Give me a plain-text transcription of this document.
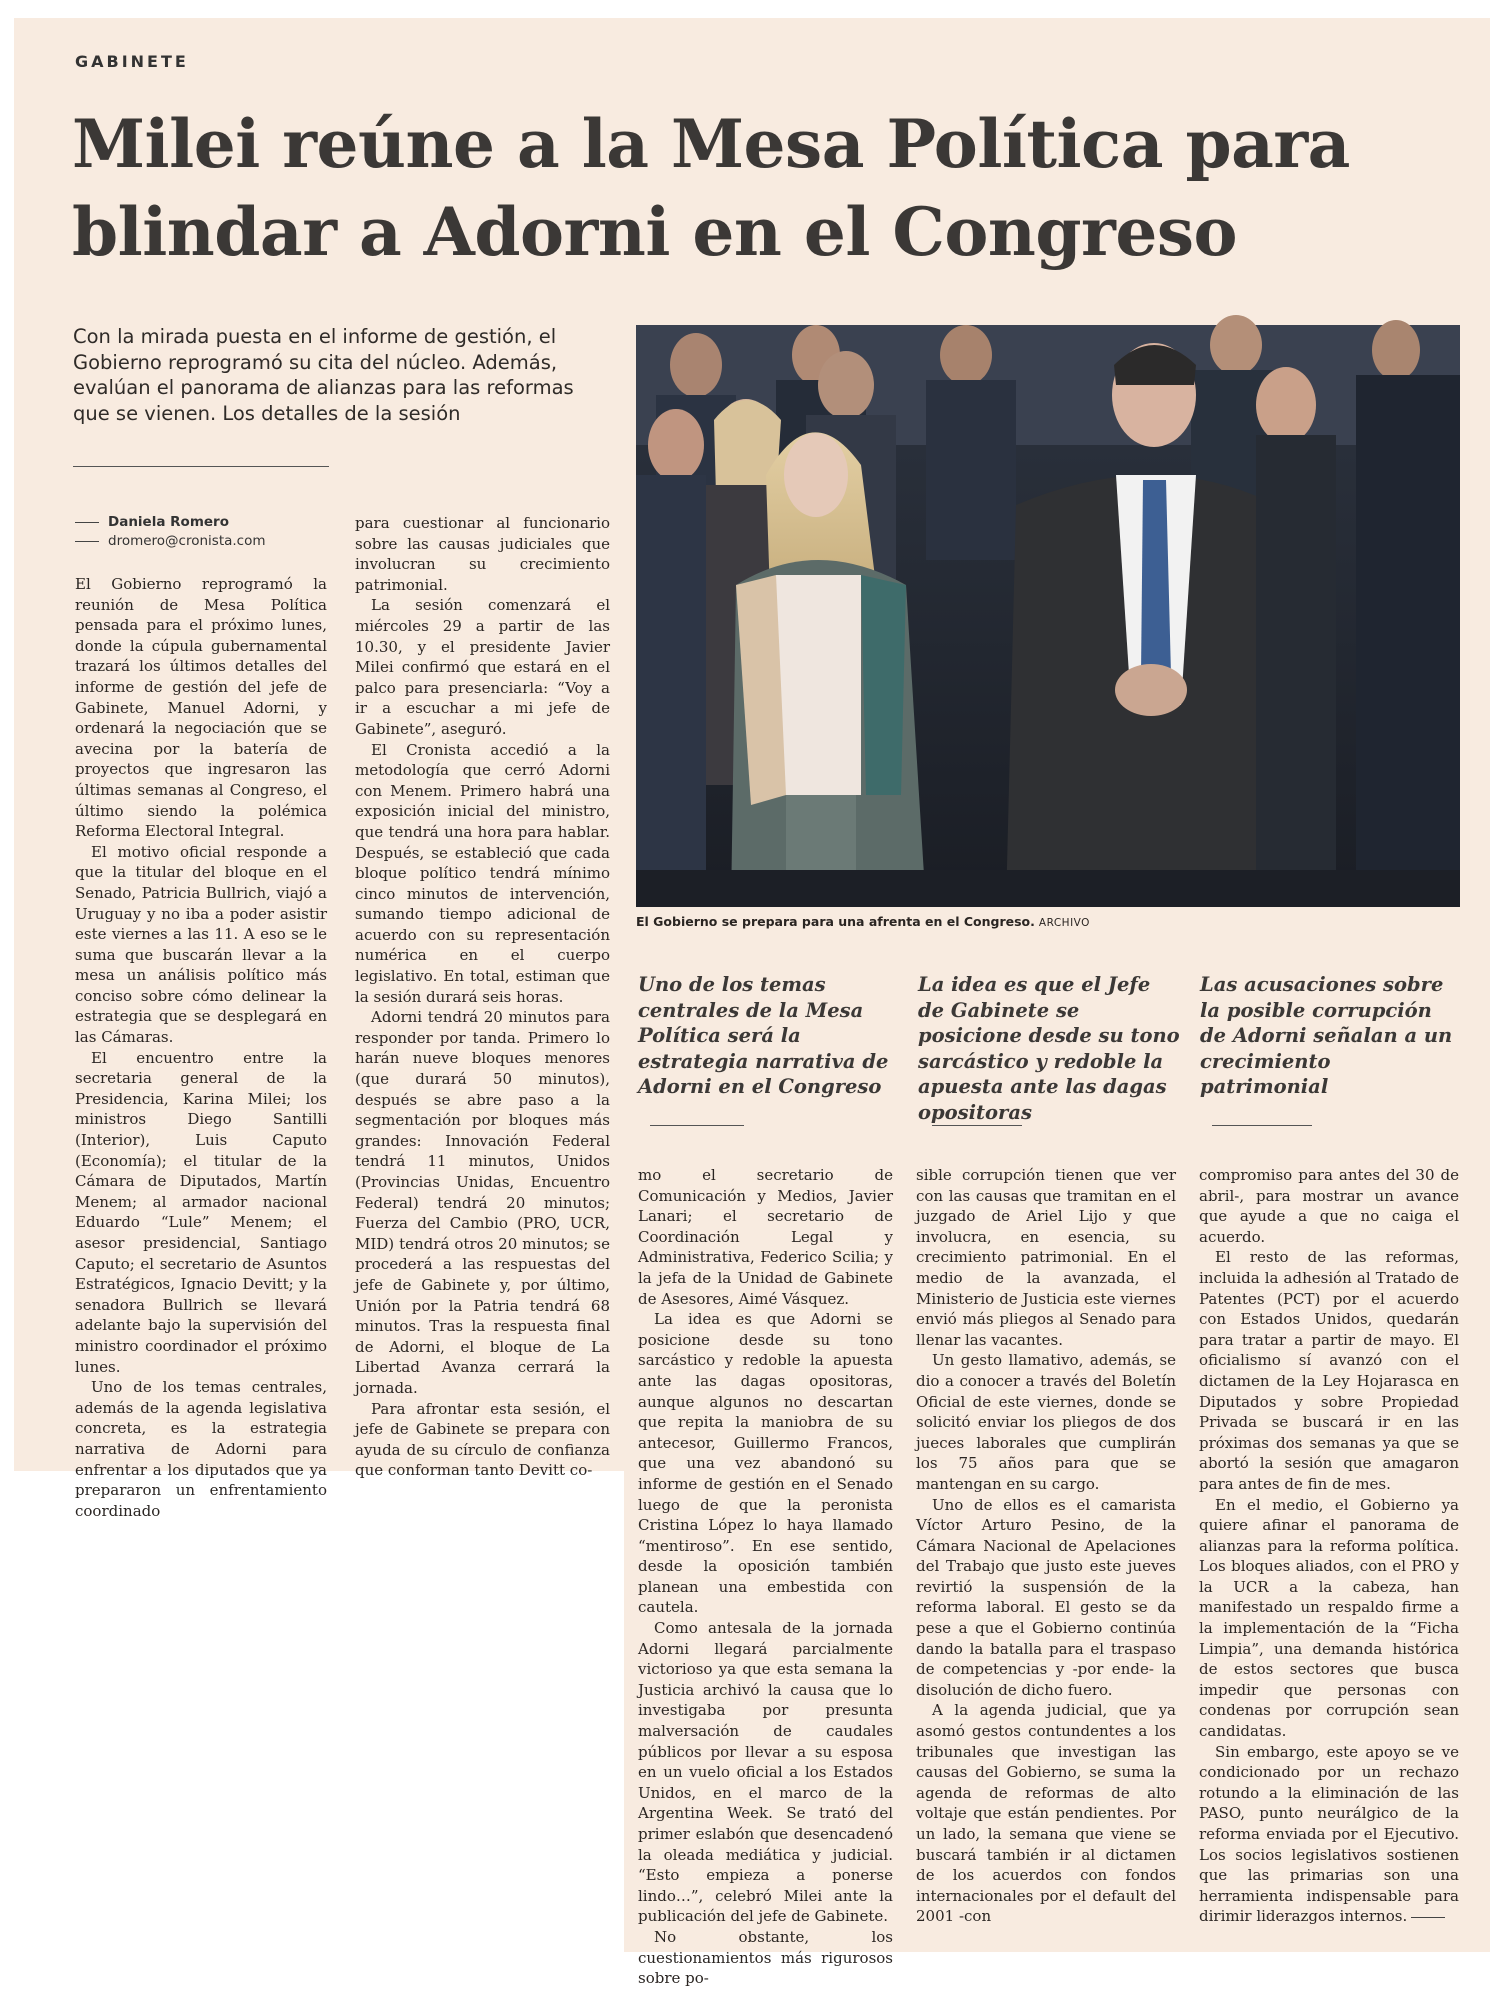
GABINETE
Milei reúne a la Mesa Política para blindar a Adorni en el Congreso
Con la mirada puesta en el informe de gestión, el Gobierno reprogramó su cita del núcleo. Además, evalúan el panorama de alianzas para las reformas que se vienen. Los detalles de la sesión
Daniela Romero
dromero@cronista.com

El Gobierno reprogramó la reunión de Mesa Política pensada para el próximo lunes, donde la cúpula gubernamental trazará los últimos detalles del informe de gestión del jefe de Gabinete, Manuel Adorni, y ordenará la negociación que se avecina por la batería de proyectos que ingresaron las últimas semanas al Congreso, el último siendo la polémica Reforma Electoral Integral.

El motivo oficial responde a que la titular del bloque en el Senado, Patricia Bullrich, viajó a Uruguay y no iba a poder asistir este viernes a las 11. A eso se le suma que buscarán llevar a la mesa un análisis político más conciso sobre cómo delinear la estrategia que se desplegará en las Cámaras.

El encuentro entre la secretaria general de la Presidencia, Karina Milei; los ministros Diego Santilli (Interior), Luis Caputo (Economía); el titular de la Cámara de Diputados, Martín Menem; al armador nacional Eduardo “Lule” Menem; el asesor presidencial, Santiago Caputo; el secretario de Asuntos Estratégicos, Ignacio Devitt; y la senadora Bullrich se llevará adelante bajo la supervisión del ministro coordinador el próximo lunes.

Uno de los temas centrales, además de la agenda legislativa concreta, es la estrategia narrativa de Adorni para enfrentar a los diputados que ya prepararon un enfrentamiento coordinado

para cuestionar al funcionario sobre las causas judiciales que involucran su crecimiento patrimonial.

La sesión comenzará el miércoles 29 a partir de las 10.30, y el presidente Javier Milei confirmó que estará en el palco para presenciarla: “Voy a ir a escuchar a mi jefe de Gabinete”, aseguró.

El Cronista accedió a la metodología que cerró Adorni con Menem. Primero habrá una exposición inicial del ministro, que tendrá una hora para hablar. Después, se estableció que cada bloque político tendrá mínimo cinco minutos de intervención, sumando tiempo adicional de acuerdo con su representación numérica en el cuerpo legislativo. En total, estiman que la sesión durará seis horas.

Adorni tendrá 20 minutos para responder por tanda. Primero lo harán nueve bloques menores (que durará 50 minutos), después se abre paso a la segmentación por bloques más grandes: Innovación Federal tendrá 11 minutos, Unidos (Provincias Unidas, Encuentro Federal) tendrá 20 minutos; Fuerza del Cambio (PRO, UCR, MID) tendrá otros 20 minutos; se procederá a las respuestas del jefe de Gabinete y, por último, Unión por la Patria tendrá 68 minutos. Tras la respuesta final de Adorni, el bloque de La Libertad Avanza cerrará la jornada.

Para afrontar esta sesión, el jefe de Gabinete se prepara con ayuda de su círculo de confianza que conforman tanto Devitt co-

El Gobierno se prepara para una afrenta en el Congreso. ARCHIVO
Uno de los temas centrales de la Mesa Política será la estrategia narrativa de Adorni en el Congreso
La idea es que el Jefe de Gabinete se posicione desde su tono sarcástico y redoble la apuesta ante las dagas opositoras
Las acusaciones sobre la posible corrupción de Adorni señalan a un crecimiento patrimonial

mo el secretario de Comunicación y Medios, Javier Lanari; el secretario de Coordinación Legal y Administrativa, Federico Scilia; y la jefa de la Unidad de Gabinete de Asesores, Aimé Vásquez.

La idea es que Adorni se posicione desde su tono sarcástico y redoble la apuesta ante las dagas opositoras, aunque algunos no descartan que repita la maniobra de su antecesor, Guillermo Francos, que una vez abandonó su informe de gestión en el Senado luego de que la peronista Cristina López lo haya llamado “mentiroso”. En ese sentido, desde la oposición también planean una embestida con cautela.

Como antesala de la jornada Adorni llegará parcialmente victorioso ya que esta semana la Justicia archivó la causa que lo investigaba por presunta malversación de caudales públicos por llevar a su esposa en un vuelo oficial a los Estados Unidos, en el marco de la Argentina Week. Se trató del primer eslabón que desencadenó la oleada mediática y judicial. “Esto empieza a ponerse lindo…”, celebró Milei ante la publicación del jefe de Gabinete.

No obstante, los cuestionamientos más rigurosos sobre po-

sible corrupción tienen que ver con las causas que tramitan en el juzgado de Ariel Lijo y que involucra, en esencia, su crecimiento patrimonial. En el medio de la avanzada, el Ministerio de Justicia este viernes envió más pliegos al Senado para llenar las vacantes.

Un gesto llamativo, además, se dio a conocer a través del Boletín Oficial de este viernes, donde se solicitó enviar los pliegos de dos jueces laborales que cumplirán los 75 años para que se mantengan en su cargo.

Uno de ellos es el camarista Víctor Arturo Pesino, de la Cámara Nacional de Apelaciones del Trabajo que justo este jueves revirtió la suspensión de la reforma laboral. El gesto se da pese a que el Gobierno continúa dando la batalla para el traspaso de competencias y -por ende- la disolución de dicho fuero.

A la agenda judicial, que ya asomó gestos contundentes a los tribunales que investigan las causas del Gobierno, se suma la agenda de reformas de alto voltaje que están pendientes. Por un lado, la semana que viene se buscará también ir al dictamen de los acuerdos con fondos internacionales por el default del 2001 -con

compromiso para antes del 30 de abril-, para mostrar un avance que ayude a que no caiga el acuerdo.

El resto de las reformas, incluida la adhesión al Tratado de Patentes (PCT) por el acuerdo con Estados Unidos, quedarán para tratar a partir de mayo. El oficialismo sí avanzó con el dictamen de la Ley Hojarasca en Diputados y sobre Propiedad Privada se buscará ir en las próximas dos semanas ya que se abortó la sesión que amagaron para antes de fin de mes.

En el medio, el Gobierno ya quiere afinar el panorama de alianzas para la reforma política. Los bloques aliados, con el PRO y la UCR a la cabeza, han manifestado un respaldo firme a la implementación de la “Ficha Limpia”, una demanda histórica de estos sectores que busca impedir que personas con condenas por corrupción sean candidatas.

Sin embargo, este apoyo se ve condicionado por un rechazo rotundo a la eliminación de las PASO, punto neurálgico de la reforma enviada por el Ejecutivo. Los socios legislativos sostienen que las primarias son una herramienta indispensable para dirimir liderazgos internos.
